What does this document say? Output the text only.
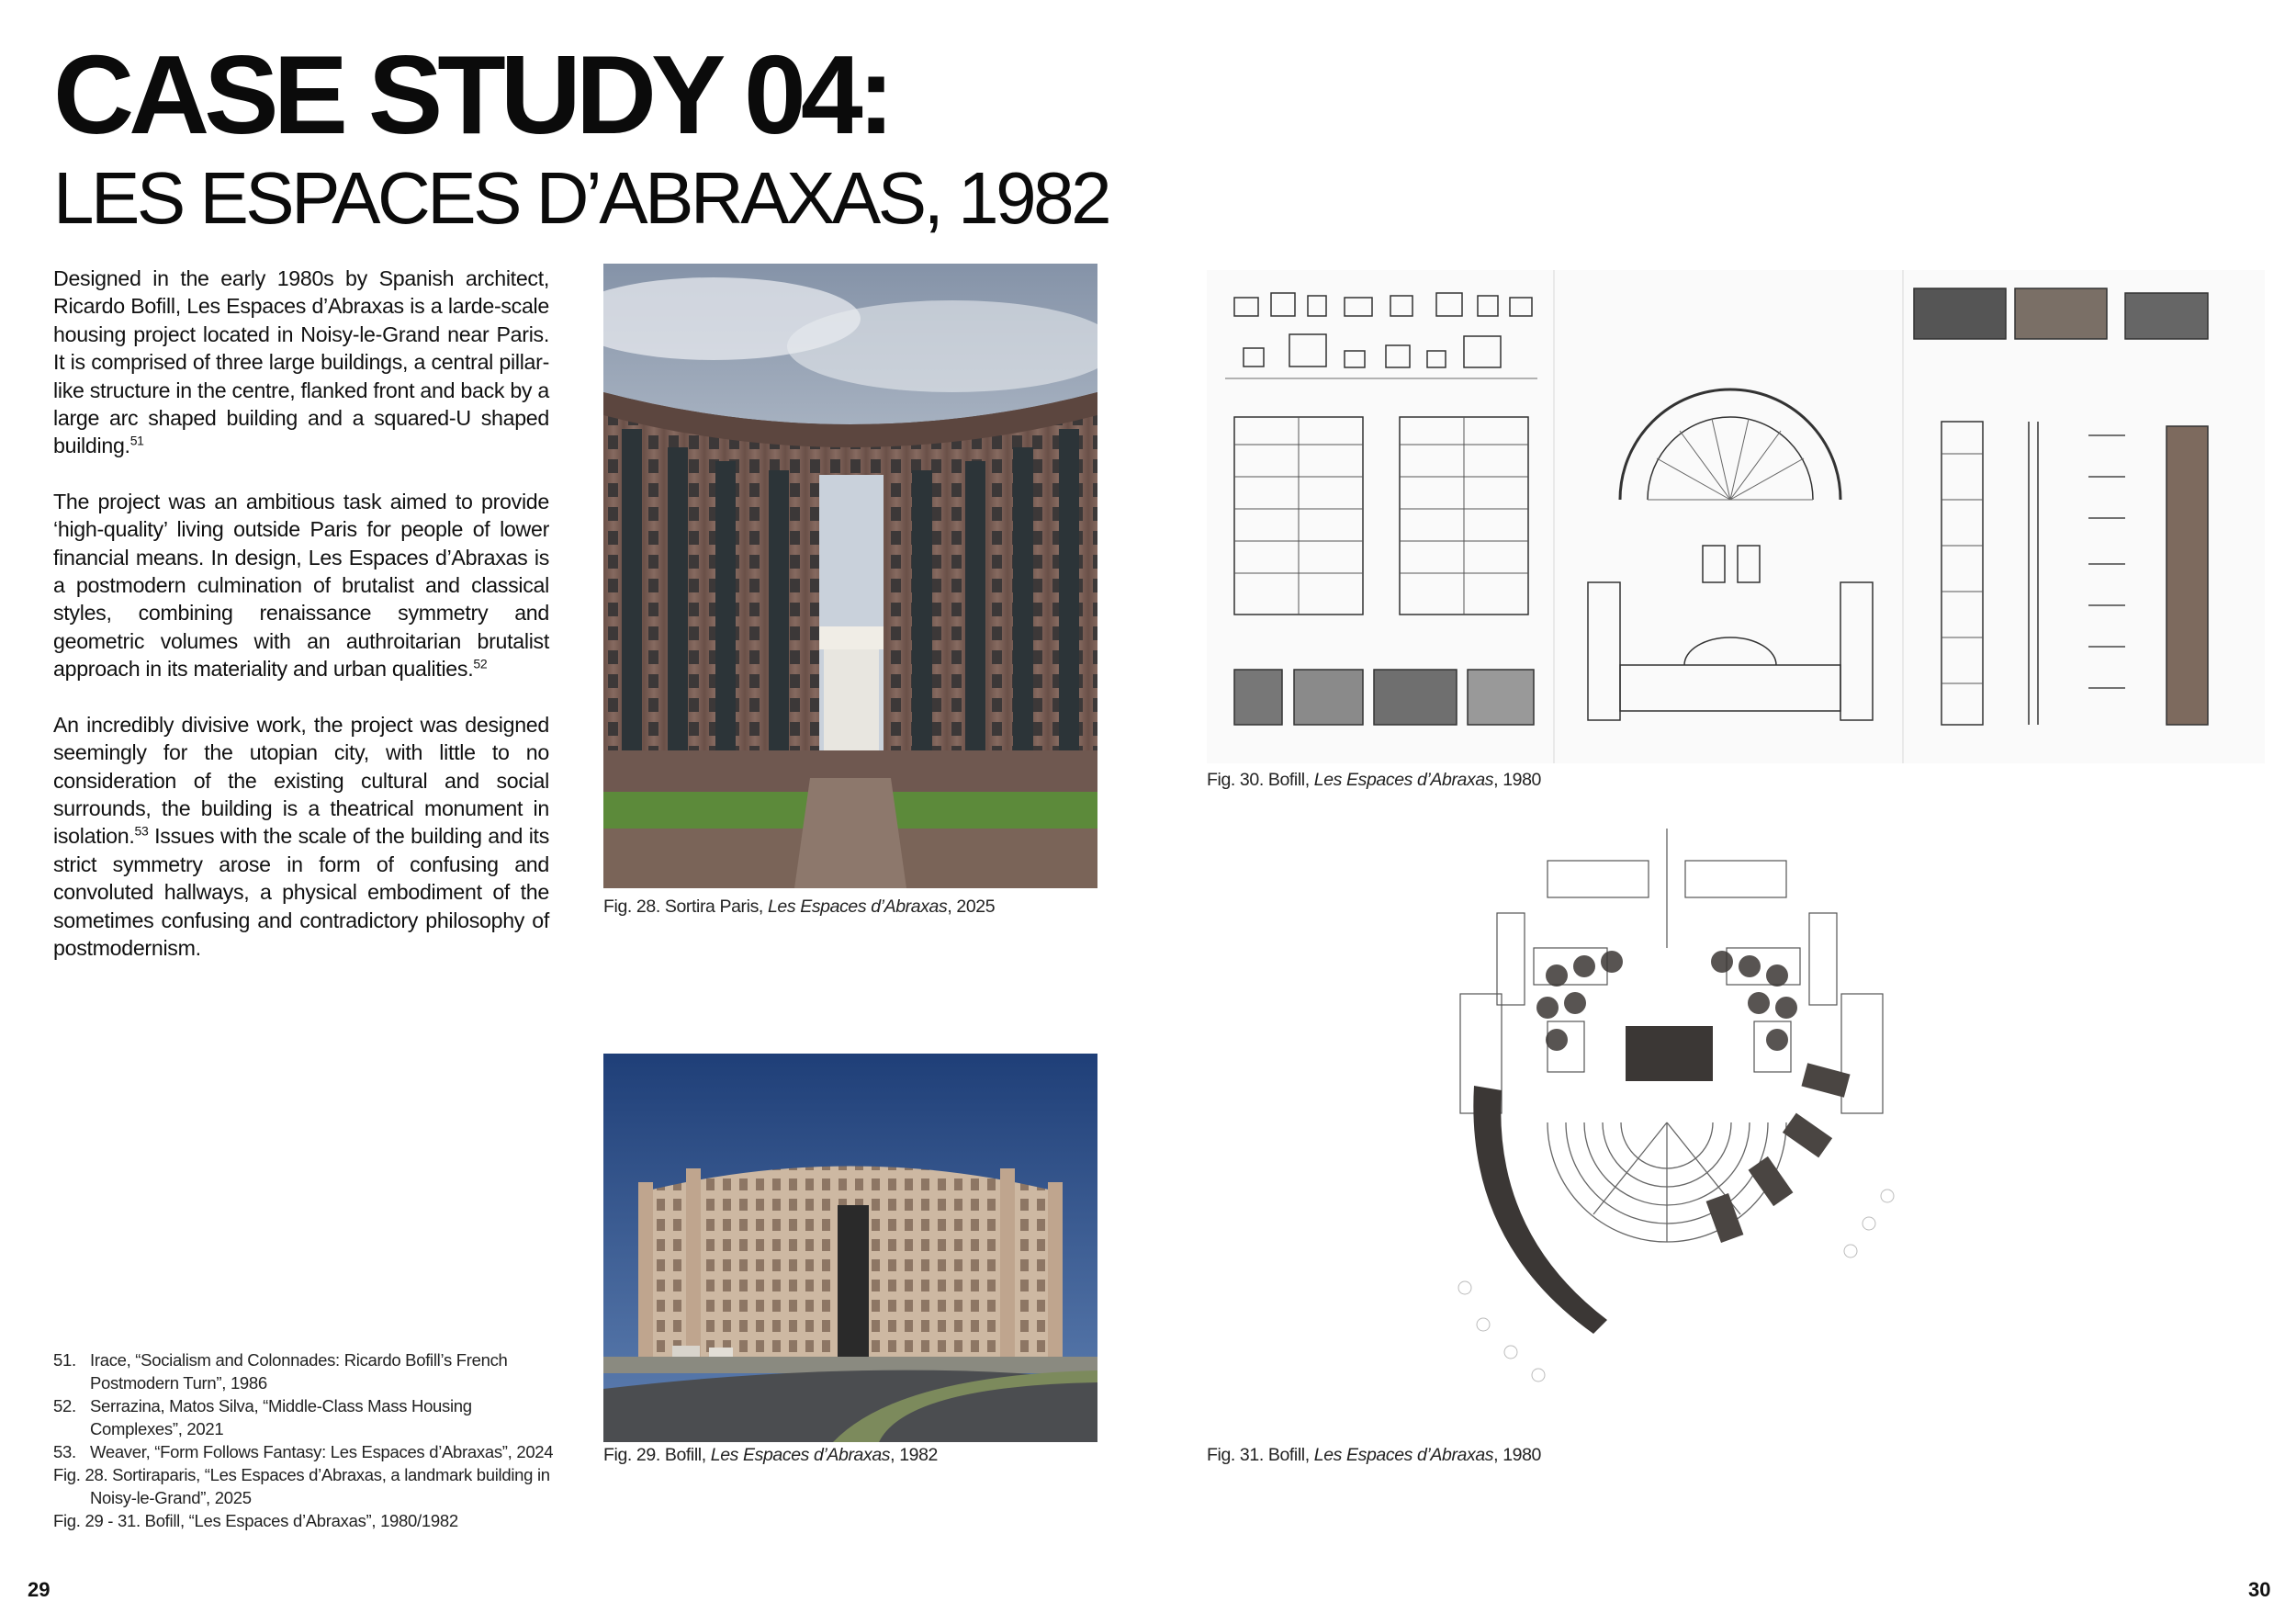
CASE STUDY 04:
LES ESPACES D’ABRAXAS, 1982

Designed in the early 1980s by Spanish architect, Ricardo Bofill, Les Espaces d’Abraxas is a larde-scale housing project located in Noisy-le-Grand near Paris. It is comprised of three large buildings, a central pillar-like structure in the centre, flanked front and back by a large arc shaped building and a squared-U shaped building.$^{51}$

The project was an ambitious task aimed to provide ‘high-quality’ living outside Paris for people of lower financial means. In design, Les Espaces d’Abraxas is a postmodern culmination of brutalist and classical styles, combining renaissance symmetry and geometric volumes with an authroitarian brutalist approach in its materiality and urban qualities.$^{52}$

An incredibly divisive work, the project was designed seemingly for the utopian city, with little to no consideration of the existing cultural and social surrounds, the building is a theatrical monument in isolation.$^{53}$ Issues with the scale of the building and its strict symmetry arose in form of confusing and convoluted hallways, a physical embodiment of the sometimes confusing and contradictory philosophy of postmodernism.

Fig. 28. Sortira Paris, Les Espaces d’Abraxas, 2025
Fig. 29. Bofill, Les Espaces d’Abraxas, 1982
Fig. 30. Bofill, Les Espaces d’Abraxas, 1980
Fig. 31. Bofill, Les Espaces d’Abraxas, 1980
51. Irace, “Socialism and Colonnades: Ricardo Bofill’s French Postmodern Turn”, 1986
52. Serrazina, Matos Silva, “Middle-Class Mass Housing Complexes”, 2021
53. Weaver, “Form Follows Fantasy: Les Espaces d’Abraxas”, 2024
Fig. 28. Sortiraparis, “Les Espaces d’Abraxas, a landmark building in Noisy-le-Grand”, 2025
Fig. 29 - 31. Bofill, “Les Espaces d’Abraxas”, 1980/1982
29	30
